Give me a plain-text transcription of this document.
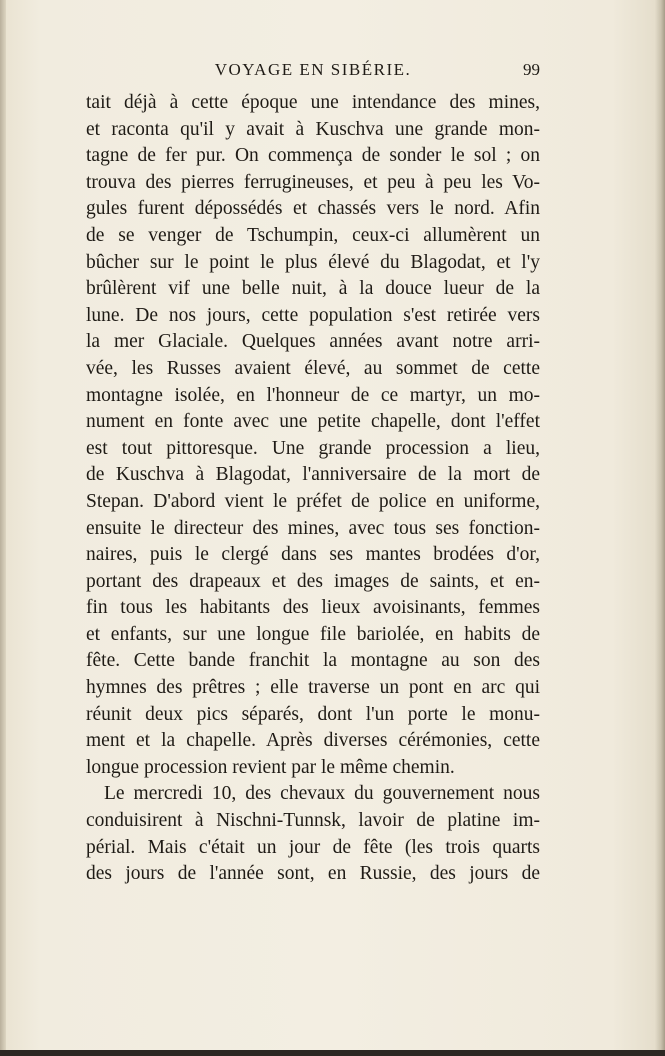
VOYAGE EN SIBÉRIE.	99
tait déjà à cette époque une intendance des mines,
et raconta qu'il y avait à Kuschva une grande mon-
tagne de fer pur. On commença de sonder le sol ; on
trouva des pierres ferrugineuses, et peu à peu les Vo-
gules furent dépossédés et chassés vers le nord. Afin
de se venger de Tschumpin, ceux-ci allumèrent un
bûcher sur le point le plus élevé du Blagodat, et l'y
brûlèrent vif une belle nuit, à la douce lueur de la
lune. De nos jours, cette population s'est retirée vers
la mer Glaciale. Quelques années avant notre arri-
vée, les Russes avaient élevé, au sommet de cette
montagne isolée, en l'honneur de ce martyr, un mo-
nument en fonte avec une petite chapelle, dont l'effet
est tout pittoresque. Une grande procession a lieu,
de Kuschva à Blagodat, l'anniversaire de la mort de
Stepan. D'abord vient le préfet de police en uniforme,
ensuite le directeur des mines, avec tous ses fonction-
naires, puis le clergé dans ses mantes brodées d'or,
portant des drapeaux et des images de saints, et en-
fin tous les habitants des lieux avoisinants, femmes
et enfants, sur une longue file bariolée, en habits de
fête. Cette bande franchit la montagne au son des
hymnes des prêtres ; elle traverse un pont en arc qui
réunit deux pics séparés, dont l'un porte le monu-
ment et la chapelle. Après diverses cérémonies, cette
longue procession revient par le même chemin.
Le mercredi 10, des chevaux du gouvernement nous
conduisirent à Nischni-Tunnsk, lavoir de platine im-
périal. Mais c'était un jour de fête (les trois quarts
des jours de l'année sont, en Russie, des jours de
